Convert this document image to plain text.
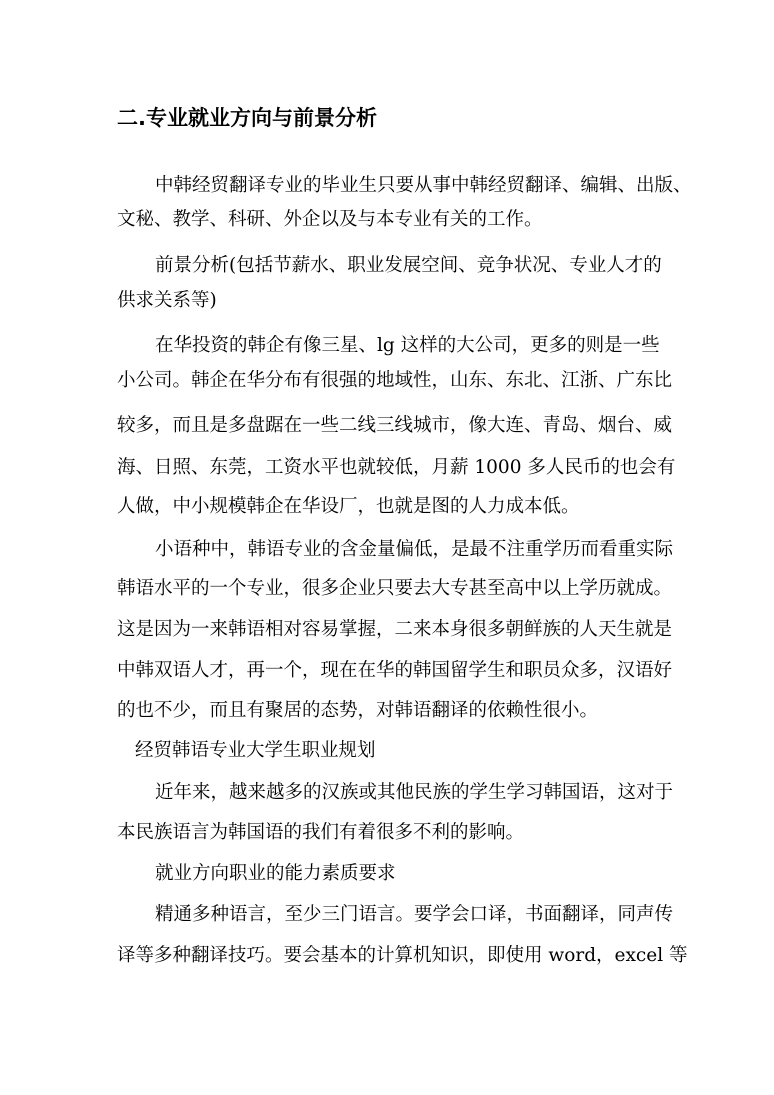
二.专业就业方向与前景分析
中韩经贸翻译专业的毕业生只要从事中韩经贸翻译、编辑、出版、
文秘、教学、科研、外企以及与本专业有关的工作。
前景分析(包括节薪水、职业发展空间、竞争状况、专业人才的
供求关系等)
在华投资的韩企有像三星、lg 这样的大公司，更多的则是一些
小公司。韩企在华分布有很强的地域性，山东、东北、江浙、广东比
较多，而且是多盘踞在一些二线三线城市，像大连、青岛、烟台、威
海、日照、东莞，工资水平也就较低，月薪 1000 多人民币的也会有
人做，中小规模韩企在华设厂，也就是图的人力成本低。
小语种中，韩语专业的含金量偏低，是最不注重学历而看重实际
韩语水平的一个专业，很多企业只要去大专甚至高中以上学历就成。
这是因为一来韩语相对容易掌握，二来本身很多朝鲜族的人天生就是
中韩双语人才，再一个，现在在华的韩国留学生和职员众多，汉语好
的也不少，而且有聚居的态势，对韩语翻译的依赖性很小。
经贸韩语专业大学生职业规划
近年来，越来越多的汉族或其他民族的学生学习韩国语，这对于
本民族语言为韩国语的我们有着很多不利的影响。
就业方向职业的能力素质要求
精通多种语言，至少三门语言。要学会口译，书面翻译，同声传
译等多种翻译技巧。要会基本的计算机知识，即使用 word，excel 等
